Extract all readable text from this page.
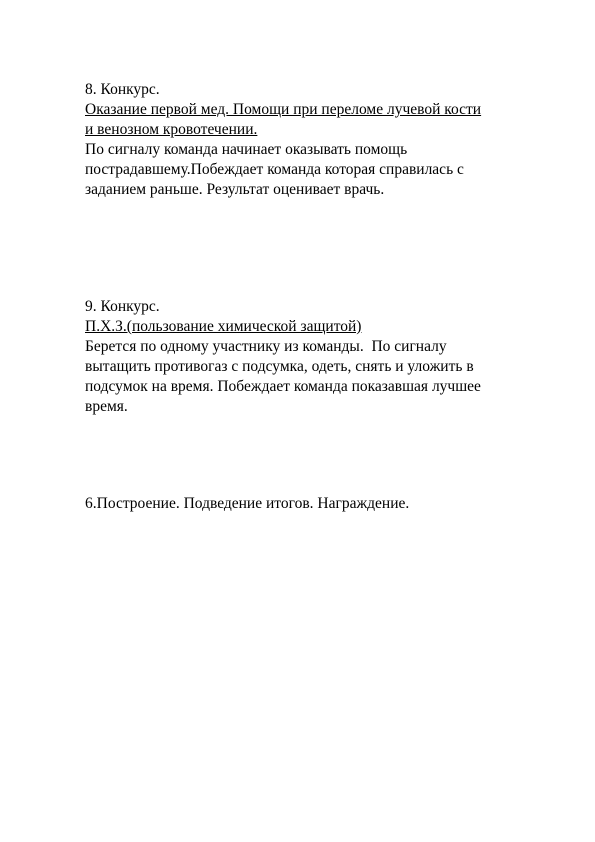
8. Конкурс.

Оказание первой мед. Помощи при переломе лучевой кости

и венозном кровотечении.

По сигналу команда начинает оказывать помощь

пострадавшему.Побеждает команда которая справилась с

заданием раньше. Результат оценивает врачь.

9. Конкурс.

П.Х.З.(пользование химической защитой)

Берется по одному участнику из команды.  По сигналу

вытащить противогаз с подсумка, одеть, снять и уложить в

подсумок на время. Побеждает команда показавшая лучшее

время.

6.Построение. Подведение итогов. Награждение.
